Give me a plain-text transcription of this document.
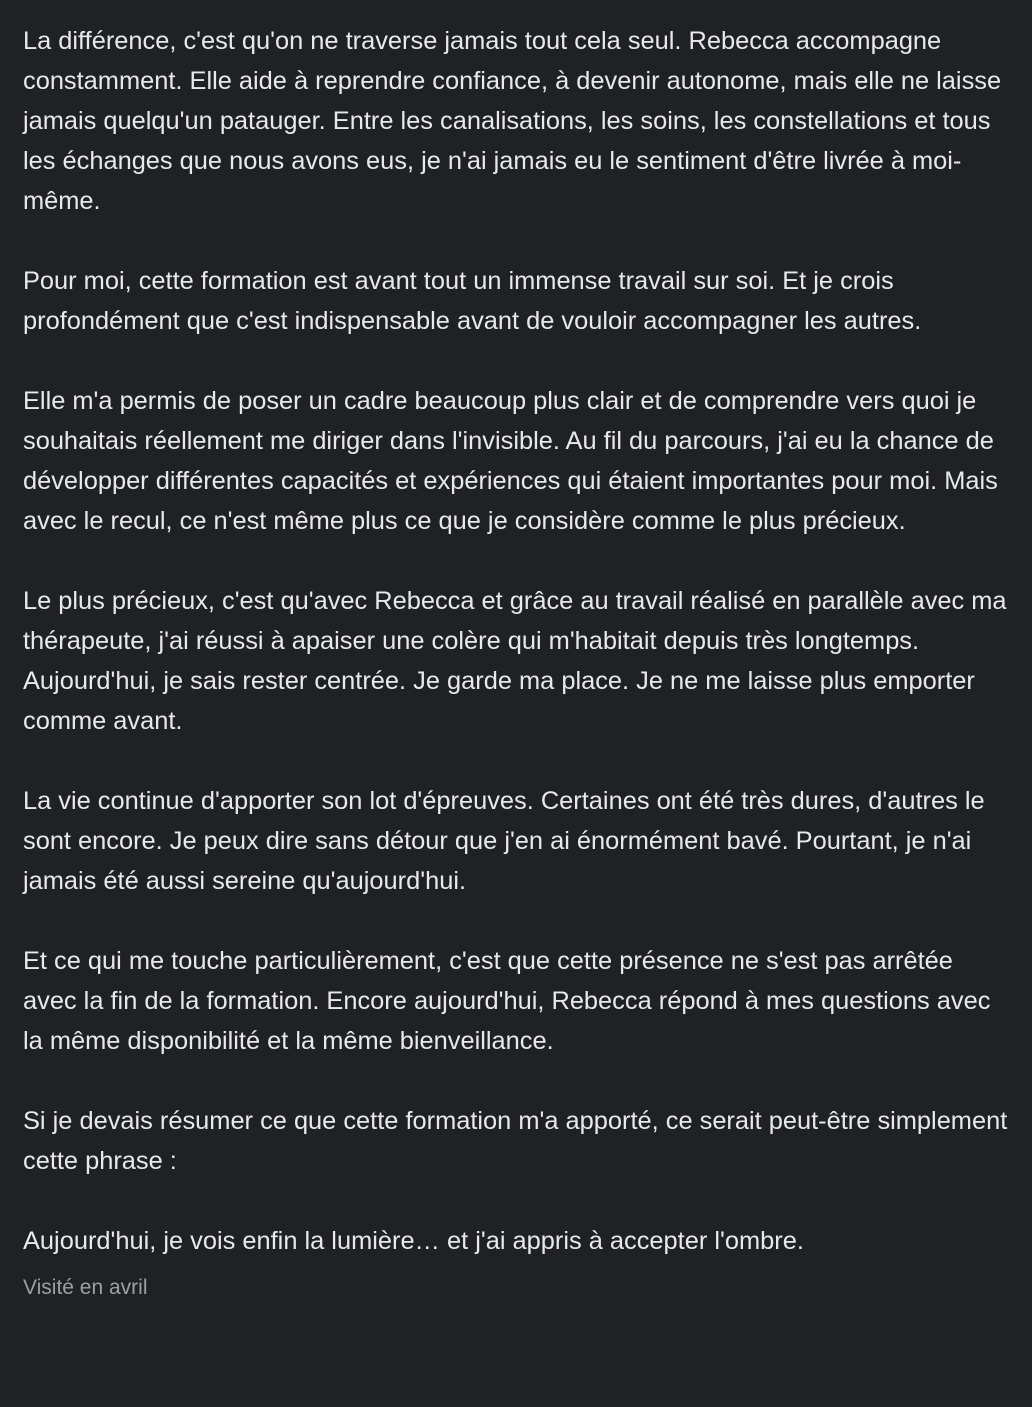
La différence, c'est qu'on ne traverse jamais tout cela seul. Rebecca accompagne constamment. Elle aide à reprendre confiance, à devenir autonome, mais elle ne laisse jamais quelqu'un patauger. Entre les canalisations, les soins, les constellations et tous les échanges que nous avons eus, je n'ai jamais eu le sentiment d'être livrée à moi-même.

Pour moi, cette formation est avant tout un immense travail sur soi. Et je crois profondément que c'est indispensable avant de vouloir accompagner les autres.

Elle m'a permis de poser un cadre beaucoup plus clair et de comprendre vers quoi je souhaitais réellement me diriger dans l'invisible. Au fil du parcours, j'ai eu la chance de développer différentes capacités et expériences qui étaient importantes pour moi. Mais avec le recul, ce n'est même plus ce que je considère comme le plus précieux.

Le plus précieux, c'est qu'avec Rebecca et grâce au travail réalisé en parallèle avec ma thérapeute, j'ai réussi à apaiser une colère qui m'habitait depuis très longtemps. Aujourd'hui, je sais rester centrée. Je garde ma place. Je ne me laisse plus emporter comme avant.

La vie continue d'apporter son lot d'épreuves. Certaines ont été très dures, d'autres le sont encore. Je peux dire sans détour que j'en ai énormément bavé. Pourtant, je n'ai jamais été aussi sereine qu'aujourd'hui.

Et ce qui me touche particulièrement, c'est que cette présence ne s'est pas arrêtée avec la fin de la formation. Encore aujourd'hui, Rebecca répond à mes questions avec la même disponibilité et la même bienveillance.

Si je devais résumer ce que cette formation m'a apporté, ce serait peut-être simplement cette phrase :

Aujourd'hui, je vois enfin la lumière… et j'ai appris à accepter l'ombre.

Visité en avril
